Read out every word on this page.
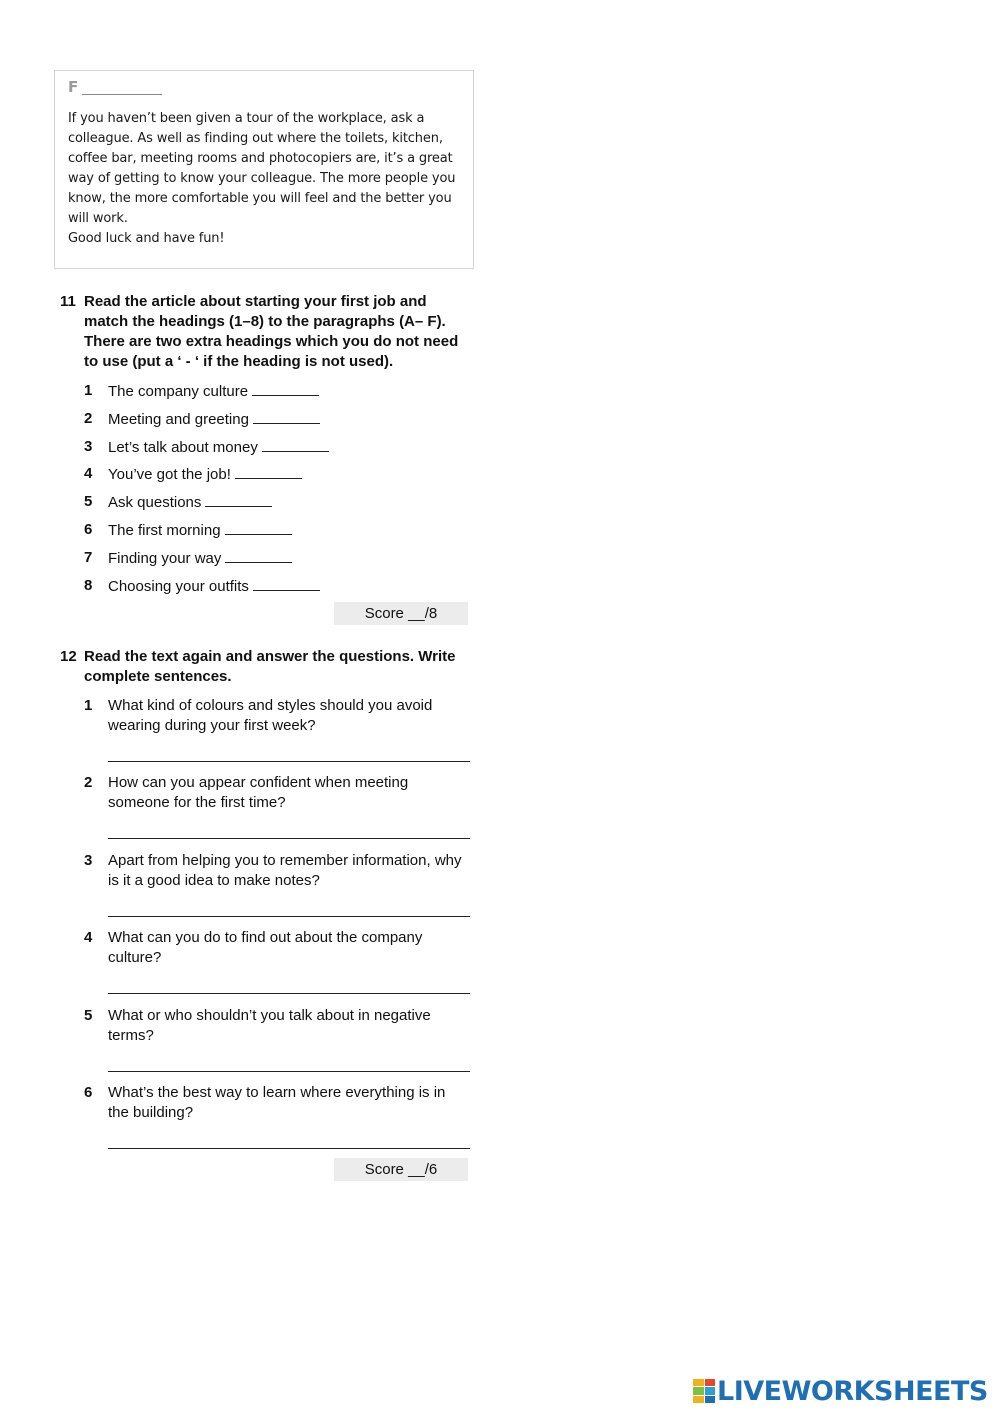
F
If you haven’t been given a tour of the workplace, ask a colleague. As well as finding out where the toilets, kitchen, coffee bar, meeting rooms and photocopiers are, it’s a great way of getting to know your colleague. The more people you know, the more comfortable you will feel and the better you will work.
Good luck and have fun!
11 Read the article about starting your first job and match the headings (1–8) to the paragraphs (A– F). There are two extra headings which you do not need to use (put a ‘ - ‘ if the heading is not used).
1 The company culture
2 Meeting and greeting
3 Let’s talk about money
4 You’ve got the job!
5 Ask questions
6 The first morning
7 Finding your way
8 Choosing your outfits
Score __/8
12 Read the text again and answer the questions. Write complete sentences.
1 What kind of colours and styles should you avoid wearing during your first week?
2 How can you appear confident when meeting someone for the first time?
3 Apart from helping you to remember information, why is it a good idea to make notes?
4 What can you do to find out about the company culture?
5 What or who shouldn’t you talk about in negative terms?
6 What’s the best way to learn where everything is in the building?
Score __/6
LIVEWORKSHEETS
